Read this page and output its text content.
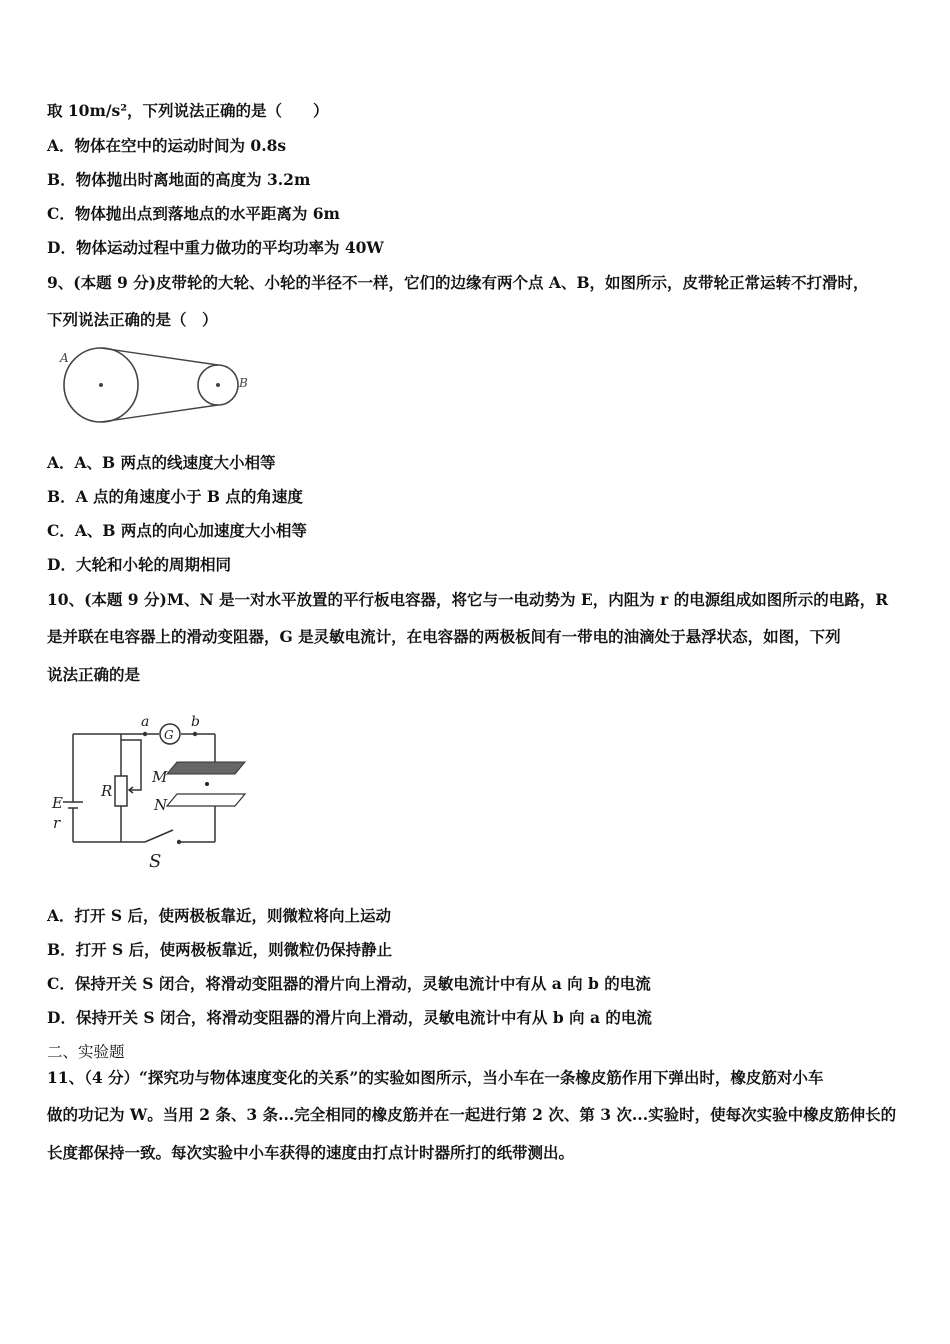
取 10m/s²，下列说法正确的是（　　）
A．物体在空中的运动时间为 0.8s
B．物体抛出时离地面的高度为 3.2m
C．物体抛出点到落地点的水平距离为 6m
D．物体运动过程中重力做功的平均功率为 40W
9、(本题 9 分)皮带轮的大轮、小轮的半径不一样，它们的边缘有两个点 A、B，如图所示，皮带轮正常运转不打滑时，
下列说法正确的是（　）
A
B
A．A、B 两点的线速度大小相等
B．A 点的角速度小于 B 点的角速度
C．A、B 两点的向心加速度大小相等
D．大轮和小轮的周期相同
10、(本题 9 分)M、N 是一对水平放置的平行板电容器，将它与一电动势为 E，内阻为 r 的电源组成如图所示的电路，R
是并联在电容器上的滑动变阻器，G 是灵敏电流计，在电容器的两极板间有一带电的油滴处于悬浮状态，如图，下列
说法正确的是
a	b
G
R
M
N
E
r
S
A．打开 S 后，使两极板靠近，则微粒将向上运动
B．打开 S 后，使两极板靠近，则微粒仍保持静止
C．保持开关 S 闭合，将滑动变阻器的滑片向上滑动，灵敏电流计中有从 a 向 b 的电流
D．保持开关 S 闭合，将滑动变阻器的滑片向上滑动，灵敏电流计中有从 b 向 a 的电流
二、实验题
11、（4 分）“探究功与物体速度变化的关系”的实验如图所示，当小车在一条橡皮筋作用下弹出时，橡皮筋对小车
做的功记为 W。当用 2 条、3 条...完全相同的橡皮筋并在一起进行第 2 次、第 3 次...实验时，使每次实验中橡皮筋伸长的
长度都保持一致。每次实验中小车获得的速度由打点计时器所打的纸带测出。
